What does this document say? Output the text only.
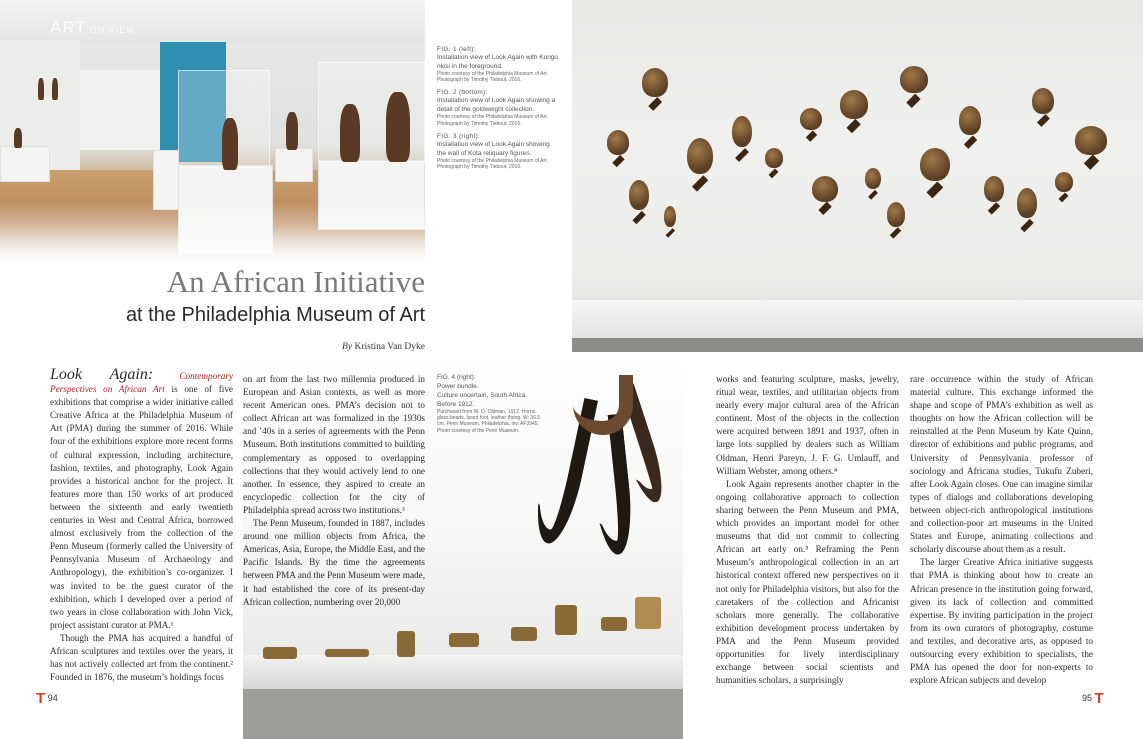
ART ON VIEW
FIG. 1 (left):
Installation view of Look Again with Kongo nkisi in the foreground.
Photo courtesy of the Philadelphia Museum of Art. Photograph by Timothy Tiebout, 2016.
FIG. 2 (bottom):
Installation view of Look Again showing a detail of the goldweight collection.
Photo courtesy of the Philadelphia Museum of Art. Photograph by Timothy Tiebout, 2016.
FIG. 3 (right):
Installation view of Look Again showing the wall of Kota reliquary figures.
Photo courtesy of the Philadelphia Museum of Art. Photograph by Timothy Tiebout, 2016.
An African Initiative
at the Philadelphia Museum of Art
By Kristina Van Dyke
FIG. 4 (right):
Power bundle.
Culture uncertain, South Africa. Before 1912.
Purchased from W. O. Oldman, 1912. Horns, glass beads, lizard foot, leather thong. W: 36.5 cm. Penn Museum, Philadelphia, inv. AF3945. Photo courtesy of the Penn Museum.

Look Again:	Contemporary Perspectives on African Art is one of five exhibitions that comprise a wider initiative called Creative Africa at the Philadelphia Museum of Art (PMA) during the summer of 2016. While four of the exhibitions explore more recent forms of cultural expression, including architecture, fashion, textiles, and photography, Look Again provides a historical anchor for the project. It features more than 150 works of art produced between the sixteenth and early twentieth centuries in West and Central Africa, borrowed almost exclusively from the collection of the Penn Museum (formerly called the University of Pennsylvania Museum of Archaeology and Anthropology), the exhibition’s co-organizer. I was invited to be the guest curator of the exhibition, which I developed over a period of two years in close collaboration with John Vick, project assistant curator at PMA.¹

Though the PMA has acquired a handful of African sculptures and textiles over the years, it has not actively collected art from the continent.² Founded in 1876, the museum’s holdings focus

on art from the last two millennia produced in European and Asian contexts, as well as more recent American ones. PMA’s decision not to collect African art was formalized in the 1930s and ’40s in a series of agreements with the Penn Museum. Both institutions committed to building complementary as opposed to overlapping collections that they would actively lend to one another. In essence, they aspired to create an encyclopedic collection for the city of Philadelphia spread across two institutions.³

The Penn Museum, founded in 1887, includes around one million objects from Africa, the Americas, Asia, Europe, the Middle East, and the Pacific Islands. By the time the agreements between PMA and the Penn Museum were made, it had established the core of its present-day African collection, numbering over 20,000

works and featuring sculpture, masks, jewelry, ritual wear, textiles, and utilitarian objects from nearly every major cultural area of the African continent. Most of the objects in the collection were acquired between 1891 and 1937, often in large lots supplied by dealers such as William Oldman, Henri Pareyn, J. F. G. Umlauff, and William Webster, among others.⁴

Look Again represents another chapter in the ongoing collaborative approach to collection sharing between the Penn Museum and PMA, which provides an important model for other museums that did not commit to collecting African art early on.⁵ Reframing the Penn Museum’s anthropological collection in an art historical context offered new perspectives on it not only for Philadelphia visitors, but also for the caretakers of the collection and Africanist scholars more generally. The collaborative exhibition development process undertaken by PMA and the Penn Museum provided opportunities for lively interdisciplinary exchange between social scientists and humanities scholars, a surprisingly

rare occurrence within the study of African material culture. This exchange informed the shape and scope of PMA’s exhibition as well as thoughts on how the African collection will be reinstalled at the Penn Museum by Kate Quinn, director of exhibitions and public programs, and University of Pennsylvania professor of sociology and Africana studies, Tukufu Zuberi, after Look Again closes. One can imagine similar types of dialogs and collaborations developing between object-rich anthropological institutions and collection-poor art museums in the United States and Europe, animating collections and scholarly discourse about them as a result.

The larger Creative Africa initiative suggests that PMA is thinking about how to create an African presence in the institution going forward, given its lack of collection and committed expertise. By inviting participation in the project from its own curators of photography, costume and textiles, and decorative arts, as opposed to outsourcing every exhibition to specialists, the PMA has opened the door for non-experts to explore African subjects and develop

T 94	95 T
